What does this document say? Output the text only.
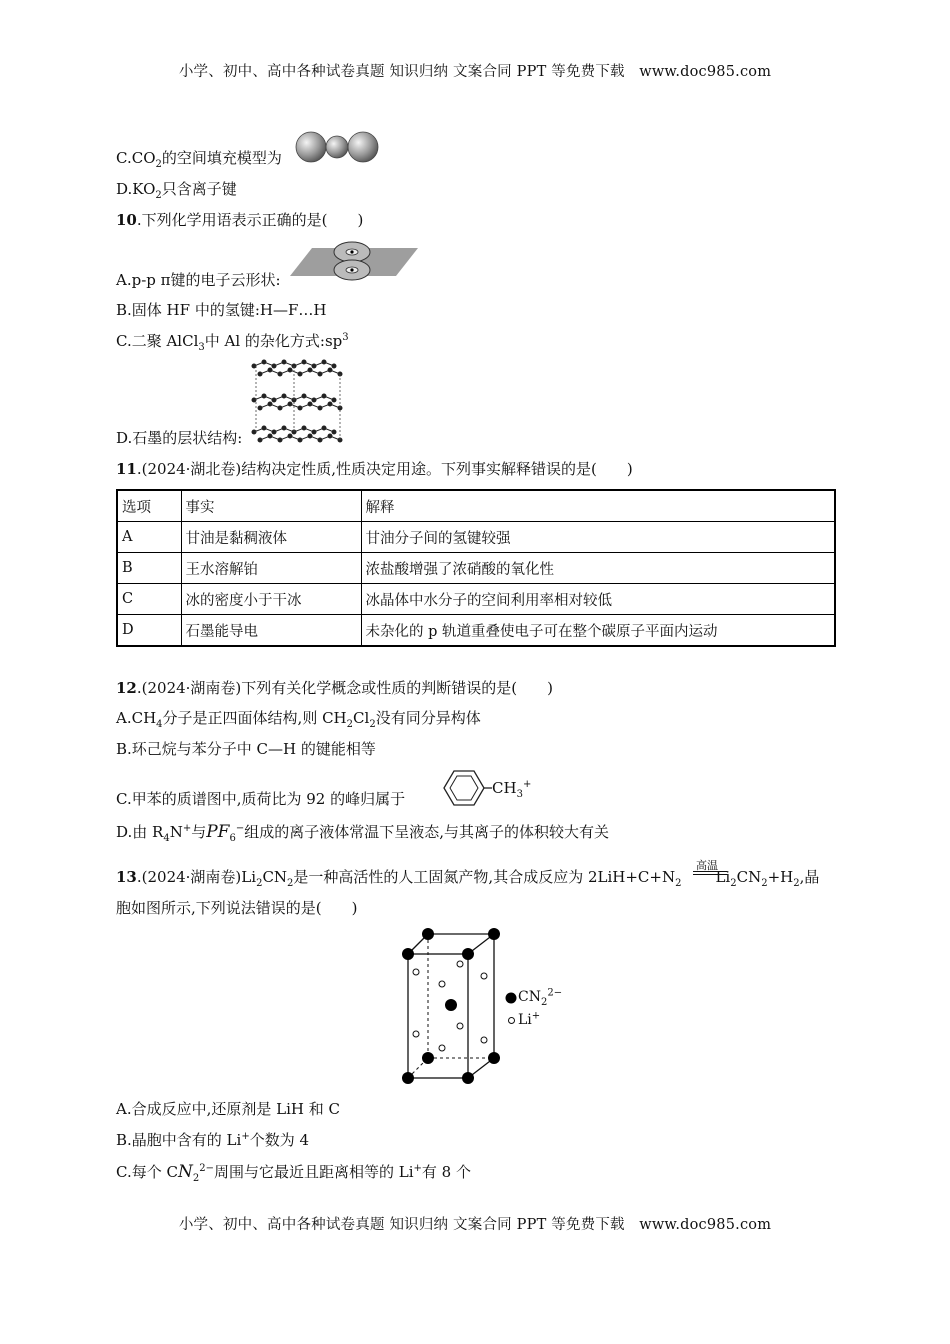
小学、初中、高中各种试卷真题 知识归纳 文案合同 PPT 等免费下载 www.doc985.com
$C.CO_2$的空间填充模型为
$D.KO_2$只含离子键
10.下列化学用语表示正确的是(　　)
A.p-p π键的电子云形状:
B.固体 HF 中的氢键:H—F…H
C.二聚 AlCl$_3$中 Al 的杂化方式$:sp^3$
D.石墨的层状结构:
11.(2024·湖北卷)结构决定性质,性质决定用途。下列事实解释错误的是(　　)
选项	事实	解释
A	甘油是黏稠液体	甘油分子间的氢键较强
B	王水溶解铂	浓盐酸增强了浓硝酸的氧化性
C	冰的密度小于干冰	冰晶体中水分子的空间利用率相对较低
D	石墨能导电	未杂化的 p 轨道重叠使电子可在整个碳原子平面内运动
12.(2024·湖南卷)下列有关化学概念或性质的判断错误的是(　　)
$A.CH_4$分子是正四面体结构,则 $CH_2Cl_2$没有同分异构体
B.环己烷与苯分子中 C—H 的键能相等
C.甲苯的质谱图中,质荷比为 92 的峰归属于
$CH_3^+$
D.由 $R_4N^+$与$PF_6^-$组成的离子液体常温下呈液态,与其离子的体积较大有关
高温
13.(2024·湖南卷)$Li_2CN_2$是一种高活性的人工固氮产物,其合成反应为 $2LiH+C+N_2$ $Li_2CN_2+H_2$,晶
胞如图所示,下列说法错误的是(　　)
$CN_2^{2-}$
Li+
A.合成反应中,还原剂是 LiH 和 C
B.晶胞中含有的 Li+个数为 4
C.每个 $CN_2^{2-}$周围与它最近且距离相等的 Li+有 8 个
小学、初中、高中各种试卷真题 知识归纳 文案合同 PPT 等免费下载 www.doc985.com
